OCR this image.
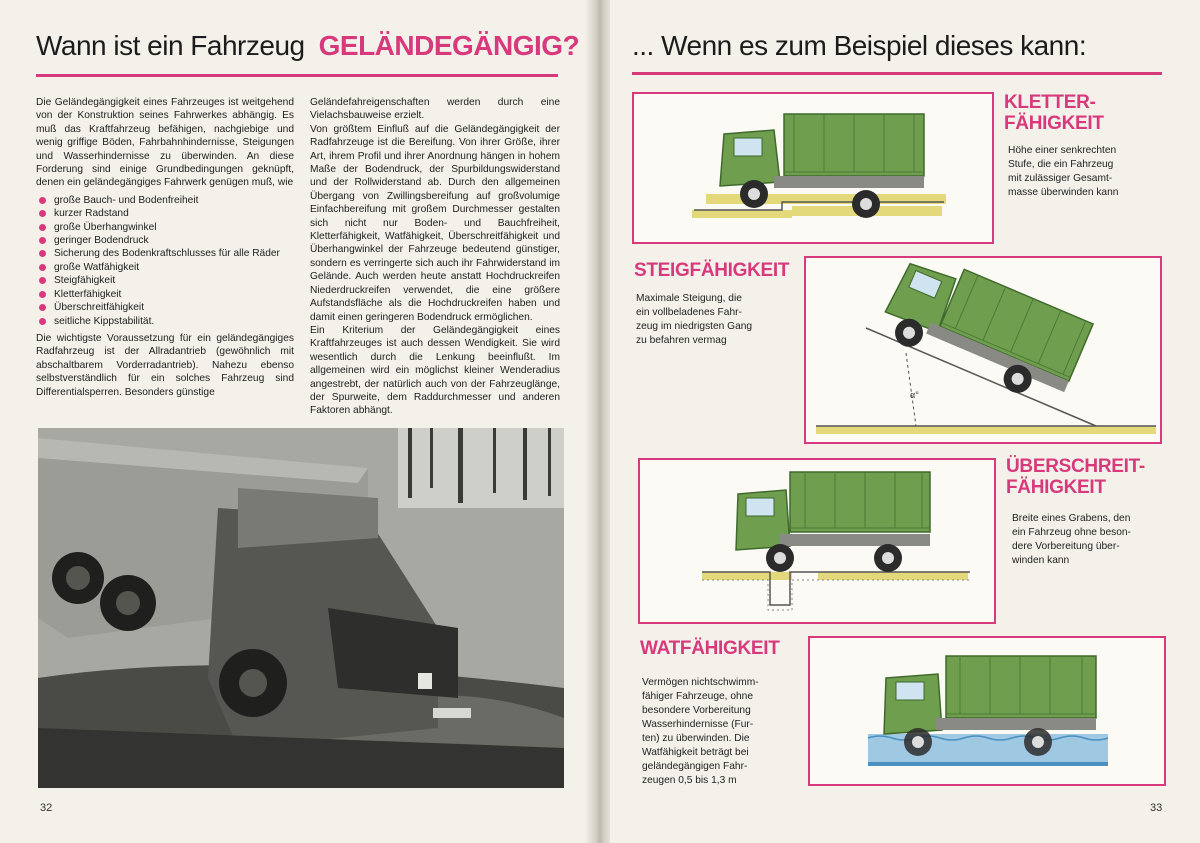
Wann ist ein Fahrzeug GELÄNDEGÄNGIG?

Die Geländegängigkeit eines Fahrzeuges ist weitgehend von der Konstruktion seines Fahrwerkes abhängig. Es muß das Kraftfahrzeug befähigen, nachgiebige und wenig griffige Böden, Fahrbahnhindernisse, Steigungen und Wasserhindernisse zu überwinden. An diese Forderung sind einige Grundbedingungen geknüpft, denen ein geländegängiges Fahrwerk genügen muß, wie

große Bauch- und Bodenfreiheit
kurzer Radstand
große Überhangwinkel
geringer Bodendruck
Sicherung des Bodenkraftschlusses für alle Räder
große Watfähigkeit
Steigfähigkeit
Kletterfähigkeit
Überschreitfähigkeit
seitliche Kippstabilität.

Die wichtigste Voraussetzung für ein geländegängiges Radfahrzeug ist der Allradantrieb (gewöhnlich mit abschaltbarem Vorderradantrieb). Nahezu ebenso selbstverständlich für ein solches Fahrzeug sind Differentialsperren. Besonders günstige

Geländefahreigenschaften werden durch eine Vielachsbauweise erzielt.

Von größtem Einfluß auf die Geländegängigkeit der Radfahrzeuge ist die Bereifung. Von ihrer Größe, ihrer Art, ihrem Profil und ihrer Anordnung hängen in hohem Maße der Bodendruck, der Spurbildungswiderstand und der Rollwiderstand ab. Durch den allgemeinen Übergang von Zwillingsbereifung auf großvolumige Einfachbereifung mit großem Durchmesser gestalten sich nicht nur Boden- und Bauchfreiheit, Kletterfähigkeit, Watfähigkeit, Überschreitfähigkeit und Überhangwinkel der Fahrzeuge bedeutend günstiger, sondern es verringerte sich auch ihr Fahrwiderstand im Gelände. Auch werden heute anstatt Hochdruckreifen Niederdruckreifen verwendet, die eine größere Aufstandsfläche als die Hochdruckreifen haben und damit einen geringeren Bodendruck ermöglichen.

Ein Kriterium der Geländegängigkeit eines Kraftfahrzeuges ist auch dessen Wendigkeit. Sie wird wesentlich durch die Lenkung beeinflußt. Im allgemeinen wird ein möglichst kleiner Wenderadius angestrebt, der natürlich auch von der Fahrzeuglänge, der Spurweite, dem Raddurchmesser und anderen Faktoren abhängt.

32
... Wenn es zum Beispiel dieses kann:
KLETTER-
FÄHIGKEIT
Höhe einer senkrechten
Stufe, die ein Fahrzeug
mit zulässiger Gesamt-
masse überwinden kann
STEIGFÄHIGKEIT
Maximale Steigung, die
ein vollbeladenes Fahr-
zeug im niedrigsten Gang
zu befahren vermag
α°
ÜBERSCHREIT-
FÄHIGKEIT
Breite eines Grabens, den
ein Fahrzeug ohne beson-
dere Vorbereitung über-
winden kann
WATFÄHIGKEIT
Vermögen nichtschwimm-
fähiger Fahrzeuge, ohne
besondere Vorbereitung
Wasserhindernisse (Fur-
ten) zu überwinden. Die
Watfähigkeit beträgt bei
geländegängigen Fahr-
zeugen 0,5 bis 1,3 m
33
